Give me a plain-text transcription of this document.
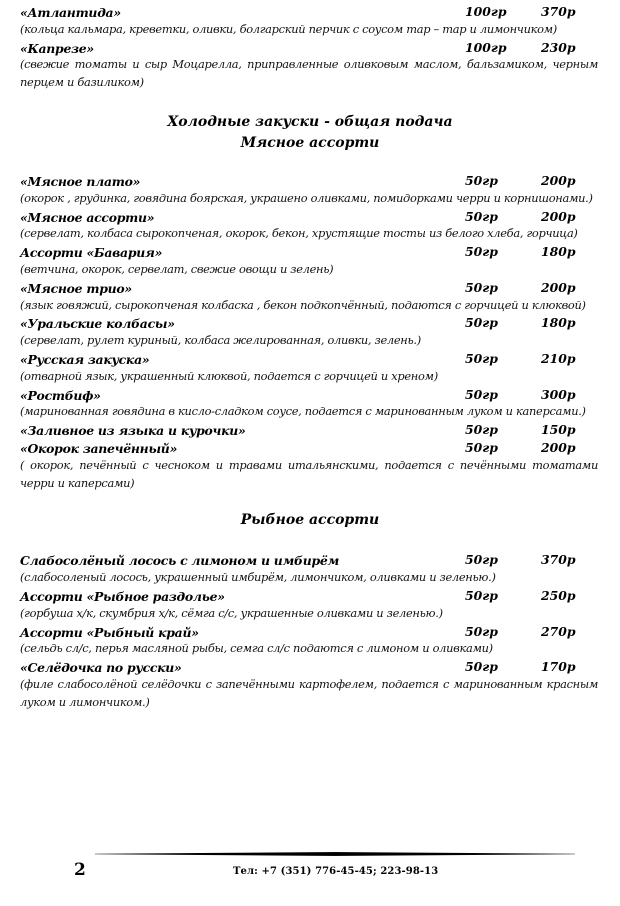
«Атлантида»	100гр	370р
(кольца кальмара, креветки, оливки, болгарский перчик с соусом тар – тар и лимончиком)
«Капрезе»	100гр	230р
(свежие томаты и сыр Моцарелла, приправленные оливковым маслом, бальзамиком, черным перцем и базиликом)
Холодные закуски - общая подача
Мясное ассорти
«Мясное плато»	50гр	200р
(окорок , грудинка, говядина боярская, украшено оливками, помидорками черри и корнишонами.)
«Мясное ассорти»	50гр	200р
(сервелат, колбаса сырокопченая, окорок, бекон, хрустящие тосты из белого хлеба, горчица)
Ассорти «Бавария»	50гр	180р
(ветчина, окорок, сервелат, свежие овощи и зелень)
«Мясное трио»	50гр	200р
(язык говяжий, сырокопченая колбаска , бекон подкопчённый, подаются с горчицей и клюквой)
«Уральские колбасы»	50гр	180р
(сервелат, рулет куриный, колбаса желированная, оливки, зелень.)
«Русская закуска»	50гр	210р
(отварной язык, украшенный клюквой, подается с горчицей и хреном)
«Ростбиф»	50гр	300р
(маринованная говядина в кисло-сладком соусе, подается с маринованным луком и каперсами.)
«Заливное из языка и курочки»	50гр	150р
«Окорок запечённый»	50гр	200р
( окорок, печённый с чесноком и травами итальянскими, подается с печёнными томатами черри и каперсами)
Рыбное ассорти
Слабосолёный лосось с лимоном и имбирём	50гр	370р
(слабосоленый лосось, украшенный имбирём, лимончиком, оливками и зеленью.)
Ассорти «Рыбное раздолье»	50гр	250р
(горбуша х/к, скумбрия х/к, сёмга с/с, украшенные оливками и зеленью.)
Ассорти «Рыбный край»	50гр	270р
(сельдь сл/с, перья масляной рыбы, семга сл/с подаются с лимоном и оливками)
«Селёдочка по русски»	50гр	170р
(филе слабосолёной селёдочки с запечёнными картофелем, подается с маринованным красным луком и лимончиком.)
2	Тел: +7 (351) 776-45-45; 223-98-13
